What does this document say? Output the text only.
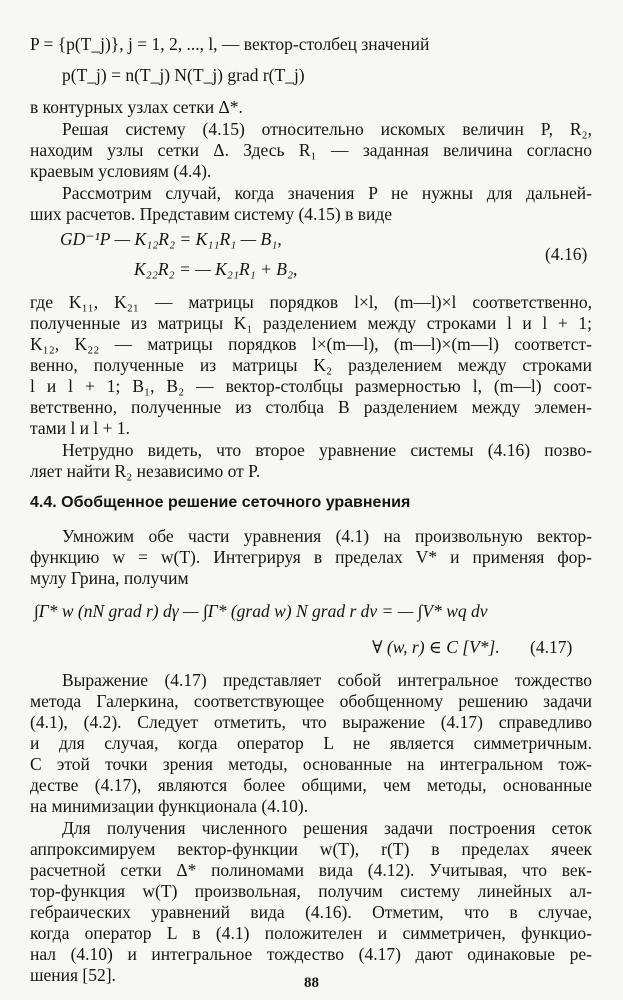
P = {p(T_j)}, j = 1, 2, ..., l, — вектор-столбец значений
p(T_j) = n(T_j) N(T_j) grad r(T_j)
в контурных узлах сетки Δ*.
Решая систему (4.15) относительно искомых величин P, R₂,
находим узлы сетки Δ. Здесь R₁ — заданная величина согласно
краевым условиям (4.4).
Рассмотрим случай, когда значения P не нужны для дальней-
ших расчетов. Представим систему (4.15) в виде
GD⁻¹P — K₁₂R₂ = K₁₁R₁ — B₁,
K₂₂R₂ = — K₂₁R₁ + B₂,
(4.16)
где K₁₁, K₂₁ — матрицы порядков l×l, (m—l)×l соответственно,
полученные из матрицы K₁ разделением между строками l и l + 1;
K₁₂, K₂₂ — матрицы порядков l×(m—l), (m—l)×(m—l) соответст-
венно, полученные из матрицы K₂ разделением между строками
l и l + 1; B₁, B₂ — вектор-столбцы размерностью l, (m—l) соот-
ветственно, полученные из столбца B разделением между элемен-
тами l и l + 1.
Нетрудно видеть, что второе уравнение системы (4.16) позво-
ляет найти R₂ независимо от P.
4.4. Обобщенное решение сеточного уравнения
Умножим обе части уравнения (4.1) на произвольную вектор-
функцию w = w(T). Интегрируя в пределах V* и применяя фор-
мулу Грина, получим
∫Γ* w (nN grad r) dγ — ∫Γ* (grad w) N grad r dv = — ∫V* wq dv
∀ (w, r) ∈ C [V*]. (4.17)
Выражение (4.17) представляет собой интегральное тождество
метода Галеркина, соответствующее обобщенному решению задачи
(4.1), (4.2). Следует отметить, что выражение (4.17) справедливо
и для случая, когда оператор L не является симметричным.
С этой точки зрения методы, основанные на интегральном тож-
дестве (4.17), являются более общими, чем методы, основанные
на минимизации функционала (4.10).
Для получения численного решения задачи построения сеток
аппроксимируем вектор-функции w(T), r(T) в пределах ячеек
расчетной сетки Δ* полиномами вида (4.12). Учитывая, что век-
тор-функция w(T) произвольная, получим систему линейных ал-
гебраических уравнений вида (4.16). Отметим, что в случае,
когда оператор L в (4.1) положителен и симметричен, функцио-
нал (4.10) и интегральное тождество (4.17) дают одинаковые ре-
шения [52].	88
